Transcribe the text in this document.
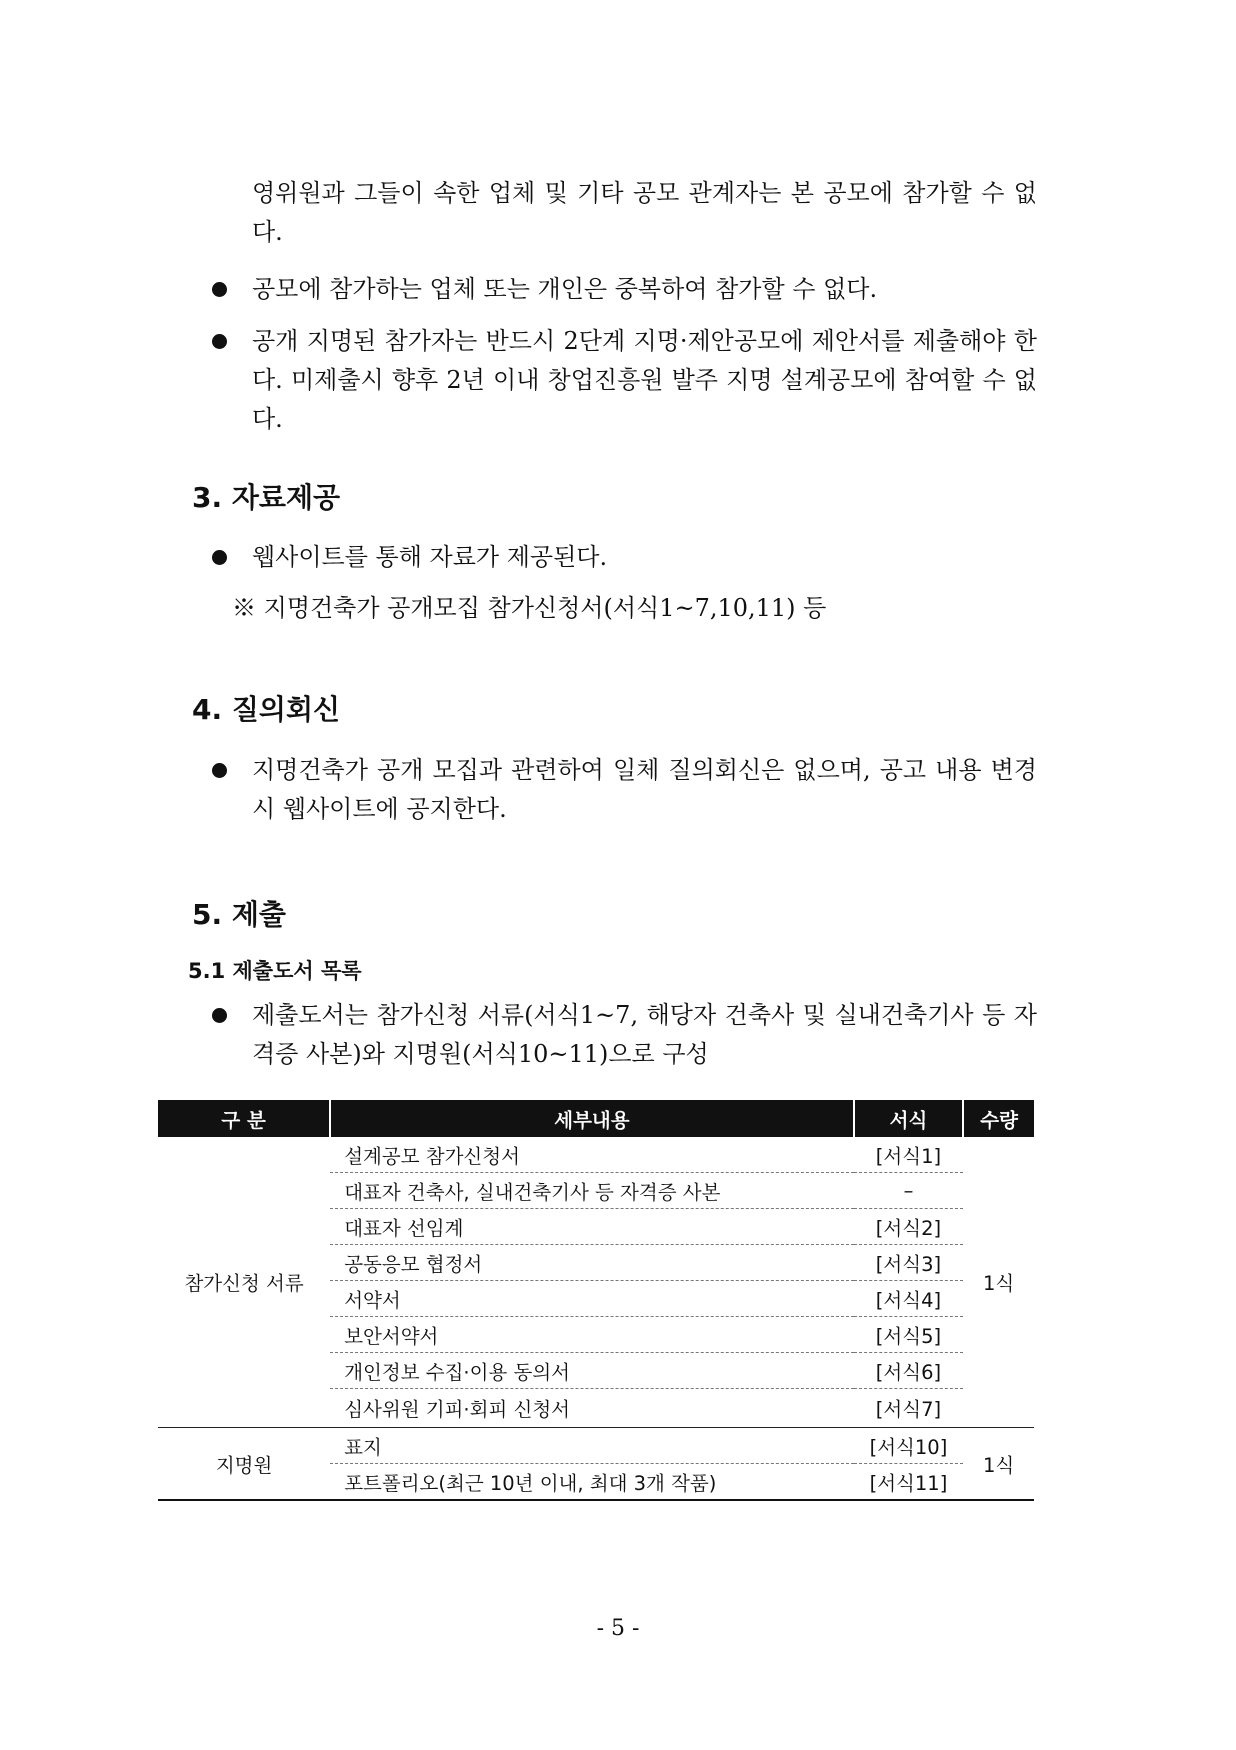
영위원과 그들이 속한 업체 및 기타 공모 관계자는 본 공모에 참가할 수 없다.
공모에 참가하는 업체 또는 개인은 중복하여 참가할 수 없다.
공개 지명된 참가자는 반드시 2단계 지명·제안공모에 제안서를 제출해야 한다. 미제출시 향후 2년 이내 창업진흥원 발주 지명 설계공모에 참여할 수 없다.
3. 자료제공
웹사이트를 통해 자료가 제공된다.
※ 지명건축가 공개모집 참가신청서(서식1~7,10,11) 등
4. 질의회신
지명건축가 공개 모집과 관련하여 일체 질의회신은 없으며, 공고 내용 변경 시 웹사이트에 공지한다.
5. 제출
5.1 제출도서 목록
제출도서는 참가신청 서류(서식1~7, 해당자 건축사 및 실내건축기사 등 자격증 사본)와 지명원(서식10~11)으로 구성
구 분	세부내용	서식	수량
참가신청 서류	설계공모 참가신청서	[서식1]	1식
	대표자 건축사, 실내건축기사 등 자격증 사본	–	
	대표자 선임계	[서식2]	
	공동응모 협정서	[서식3]	
	서약서	[서식4]	
	보안서약서	[서식5]	
	개인정보 수집·이용 동의서	[서식6]	
	심사위원 기피·회피 신청서	[서식7]	
지명원	표지	[서식10]	1식
	포트폴리오(최근 10년 이내, 최대 3개 작품)	[서식11]	
- 5 -
